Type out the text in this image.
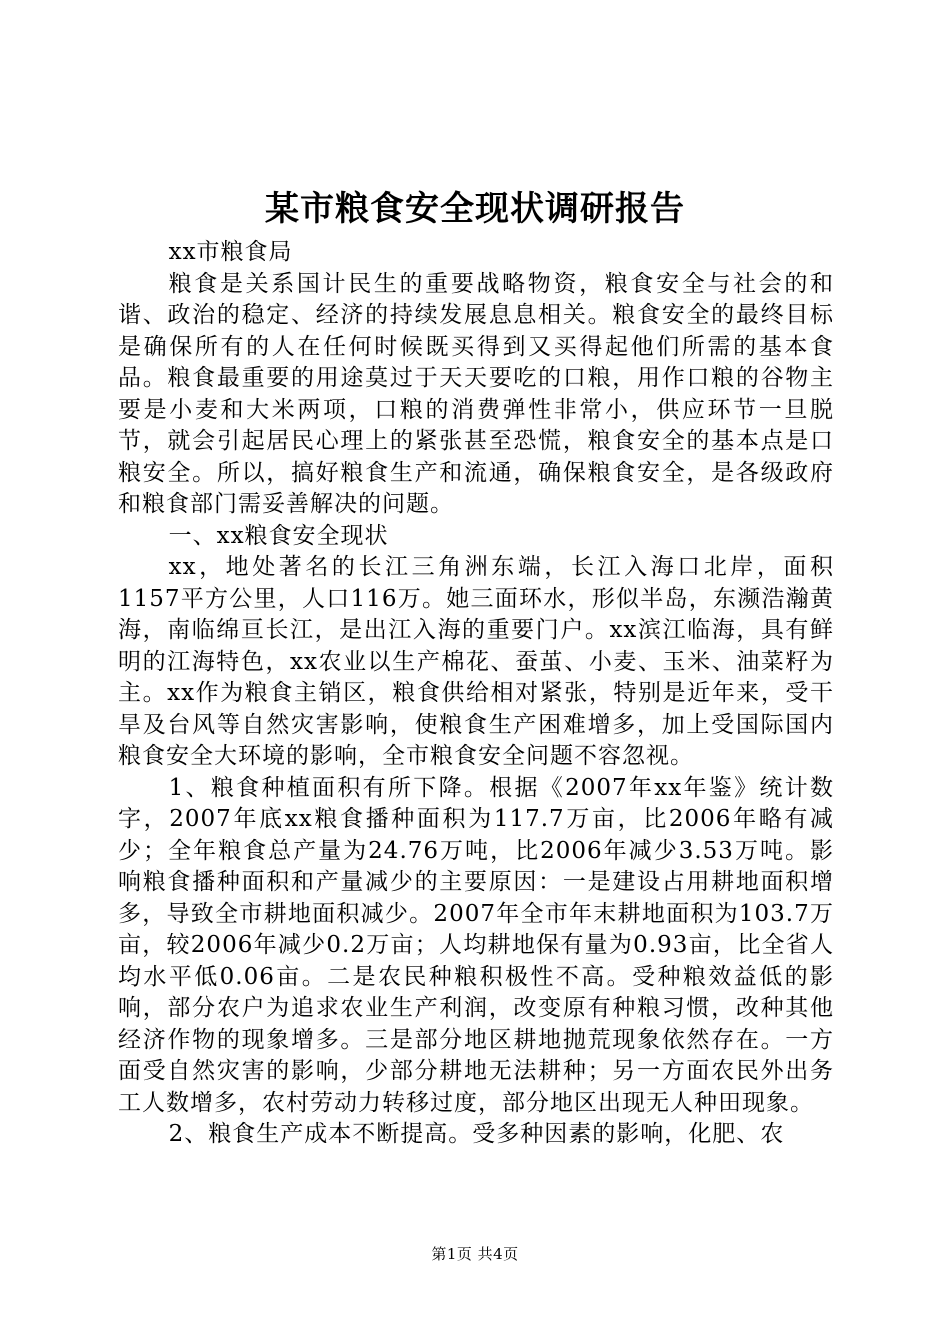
某市粮食安全现状调研报告

xx市粮食局

粮食是关系国计民生的重要战略物资，粮食安全与社会的和谐、政治的稳定、经济的持续发展息息相关。粮食安全的最终目标是确保所有的人在任何时候既买得到又买得起他们所需的基本食品。粮食最重要的用途莫过于天天要吃的口粮，用作口粮的谷物主要是小麦和大米两项，口粮的消费弹性非常小，供应环节一旦脱节，就会引起居民心理上的紧张甚至恐慌，粮食安全的基本点是口粮安全。所以，搞好粮食生产和流通，确保粮食安全，是各级政府和粮食部门需妥善解决的问题。

一、xx粮食安全现状

xx，地处著名的长江三角洲东端，长江入海口北岸，面积1157平方公里，人口116万。她三面环水，形似半岛，东濒浩瀚黄海，南临绵亘长江，是出江入海的重要门户。xx滨江临海，具有鲜明的江海特色，xx农业以生产棉花、蚕茧、小麦、玉米、油菜籽为主。xx作为粮食主销区，粮食供给相对紧张，特别是近年来，受干旱及台风等自然灾害影响，使粮食生产困难增多，加上受国际国内粮食安全大环境的影响，全市粮食安全问题不容忽视。

1、粮食种植面积有所下降。根据《2007年xx年鉴》统计数字，2007年底xx粮食播种面积为117.7万亩，比2006年略有减少；全年粮食总产量为24.76万吨，比2006年减少3.53万吨。影响粮食播种面积和产量减少的主要原因：一是建设占用耕地面积增多，导致全市耕地面积减少。2007年全市年末耕地面积为103.7万亩，较2006年减少0.2万亩；人均耕地保有量为0.93亩，比全省人均水平低0.06亩。二是农民种粮积极性不高。受种粮效益低的影响，部分农户为追求农业生产利润，改变原有种粮习惯，改种其他经济作物的现象增多。三是部分地区耕地抛荒现象依然存在。一方面受自然灾害的影响，少部分耕地无法耕种；另一方面农民外出务工人数增多，农村劳动力转移过度，部分地区出现无人种田现象。

2、粮食生产成本不断提高。受多种因素的影响，化肥、农

第1页 共4页
